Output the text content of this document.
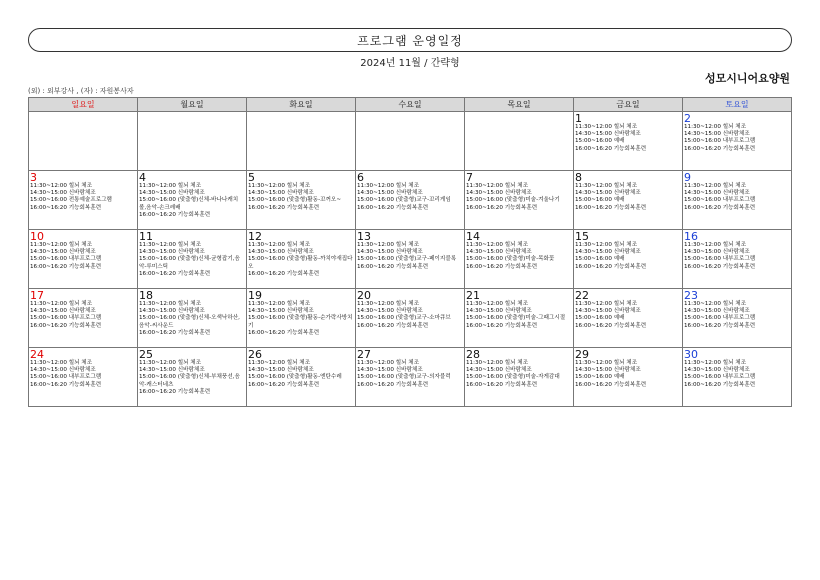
프로그램 운영일정
2024년 11월 / 간략형
성모시니어요양원
(외) : 외부강사 , (자) : 자원봉사자
일요일	월요일	화요일	수요일	목요일	금요일	토요일

					1
11:30~12:00 힐뇌 체조
14:30~15:00 신바람체조
15:00~16:00 예배
16:00~16:20 기능회복훈련	2
11:30~12:00 힐뇌 체조
14:30~15:00 신바람체조
15:00~16:00 내부프로그램
16:00~16:20 기능회복훈련

3
11:30~12:00 힐뇌 체조
14:30~15:00 신바람체조
15:00~16:00 전통예술프로그램
16:00~16:20 기능회복훈련	4
11:30~12:00 힐뇌 체조
14:30~15:00 신바람체조
15:00~16:00 (맞춤형)신체-바나나캐치볼,음악-손크레배
16:00~16:20 기능회복훈련	5
11:30~12:00 힐뇌 체조
14:30~15:00 신바람체조
15:00~16:00 (맞춤형)활동-꼬꺼오~
16:00~16:20 기능회복훈련	6
11:30~12:00 힐뇌 체조
14:30~15:00 신바람체조
15:00~16:00 (맞춤형)교구-꼬리게임
16:00~16:20 기능회복훈련	7
11:30~12:00 힐뇌 체조
14:30~15:00 신바람체조
15:00~16:00 (맞춤형)미술-겨울나기
16:00~16:20 기능회복훈련	8
11:30~12:00 힐뇌 체조
14:30~15:00 신바람체조
15:00~16:00 예배
16:00~16:20 기능회복훈련	9
11:30~12:00 힐뇌 체조
14:30~15:00 신바람체조
15:00~16:00 내부프로그램
16:00~16:20 기능회복훈련

10
11:30~12:00 힐뇌 체조
14:30~15:00 신바람체조
15:00~16:00 내부프로그램
16:00~16:20 기능회복훈련	11
11:30~12:00 힐뇌 체조
14:30~15:00 신바람체조
15:00~16:00 (맞춤형)신체-균형잡기,음악-루미스틱
16:00~16:20 기능회복훈련	12
11:30~12:00 힐뇌 체조
14:30~15:00 신바람체조
15:00~16:00 (맞춤형)활동-까치야새집다오
16:00~16:20 기능회복훈련	13
11:30~12:00 힐뇌 체조
14:30~15:00 신바람체조
15:00~16:00 (맞춤형)교구-페이지블록
16:00~16:20 기능회복훈련	14
11:30~12:00 힐뇌 체조
14:30~15:00 신바람체조
15:00~16:00 (맞춤형)미술-목화꽃
16:00~16:20 기능회복훈련	15
11:30~12:00 힐뇌 체조
14:30~15:00 신바람체조
15:00~16:00 예배
16:00~16:20 기능회복훈련	16
11:30~12:00 힐뇌 체조
14:30~15:00 신바람체조
15:00~16:00 내부프로그램
16:00~16:20 기능회복훈련

17
11:30~12:00 힐뇌 체조
14:30~15:00 신바람체조
15:00~16:00 내부프로그램
16:00~16:20 기능회복훈련	18
11:30~12:00 힐뇌 체조
14:30~15:00 신바람체조
15:00~16:00 (맞춤형)신체-오색낙하산,음악-씨사운드
16:00~16:20 기능회복훈련	19
11:30~12:00 힐뇌 체조
14:30~15:00 신바람체조
15:00~16:00 (맞춤형)활동-순가락사방치기
16:00~16:20 기능회복훈련	20
11:30~12:00 힐뇌 체조
14:30~15:00 신바람체조
15:00~16:00 (맞춤형)교구-소마큐브
16:00~16:20 기능회복훈련	21
11:30~12:00 힐뇌 체조
14:30~15:00 신바람체조
15:00~16:00 (맞춤형)미술-그때그시절
16:00~16:20 기능회복훈련	22
11:30~12:00 힐뇌 체조
14:30~15:00 신바람체조
15:00~16:00 예배
16:00~16:20 기능회복훈련	23
11:30~12:00 힐뇌 체조
14:30~15:00 신바람체조
15:00~16:00 내부프로그램
16:00~16:20 기능회복훈련

24
11:30~12:00 힐뇌 체조
14:30~15:00 신바람체조
15:00~16:00 내부프로그램
16:00~16:20 기능회복훈련	25
11:30~12:00 힐뇌 체조
14:30~15:00 신바람체조
15:00~16:00 (맞춤형)신체-부채풍선,음악-캐스터네츠
16:00~16:20 기능회복훈련	26
11:30~12:00 힐뇌 체조
14:30~15:00 신바람체조
15:00~16:00 (맞춤형)활동-엔탄수레
16:00~16:20 기능회복훈련	27
11:30~12:00 힐뇌 체조
14:30~15:00 신바람체조
15:00~16:00 (맞춤형)교구-의자블럭
16:00~16:20 기능회복훈련	28
11:30~12:00 힐뇌 체조
14:30~15:00 신바람체조
15:00~16:00 (맞춤형)미술-자게감대
16:00~16:20 기능회복훈련	29
11:30~12:00 힐뇌 체조
14:30~15:00 신바람체조
15:00~16:00 예배
16:00~16:20 기능회복훈련	30
11:30~12:00 힐뇌 체조
14:30~15:00 신바람체조
15:00~16:00 내부프로그램
16:00~16:20 기능회복훈련
